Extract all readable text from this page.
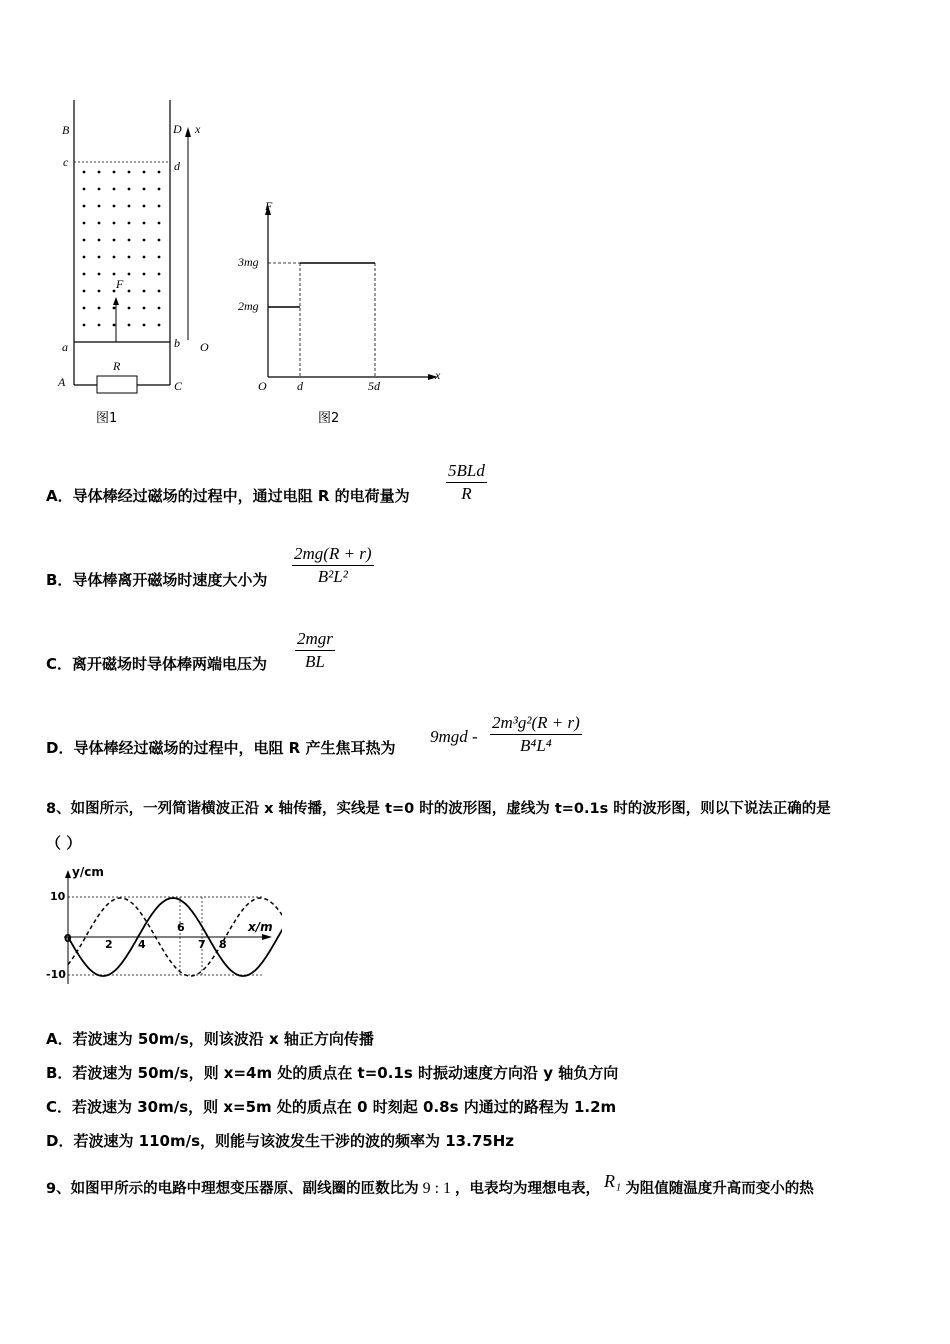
B	D x
c	d
F
a	b O
A
R
C
图1
F
3mg
2mg
O	d	5d
x
图2
A．导体棒经过磁场的过程中，通过电阻 R 的电荷量为
5BLd
R
B．导体棒离开磁场时速度大小为
2mg(R + r)
B²L²
C．离开磁场时导体棒两端电压为
2mgr
BL
D．导体棒经过磁场的过程中，电阻 R 产生焦耳热为
9mgd -
2m³g²(R + r)
B⁴L⁴
8、如图所示，一列简谐横波正沿 x 轴传播，实线是 t=0 时的波形图，虚线为 t=0.1s 时的波形图，则以下说法正确的是
（ ）
y/cm
x/m
10
-10
0	2 4
6
7 8
A．若波速为 50m/s，则该波沿 x 轴正方向传播
B．若波速为 50m/s，则 x=4m 处的质点在 t=0.1s 时振动速度方向沿 y 轴负方向
C．若波速为 30m/s，则 x=5m 处的质点在 0 时刻起 0.8s 内通过的路程为 1.2m
D．若波速为 110m/s，则能与该波发生干涉的波的频率为 13.75Hz
9、如图甲所示的电路中理想变压器原、副线圈的匝数比为 9 : 1 ，电表均为理想电表， R₁ 为阻值随温度升高而变小的热
